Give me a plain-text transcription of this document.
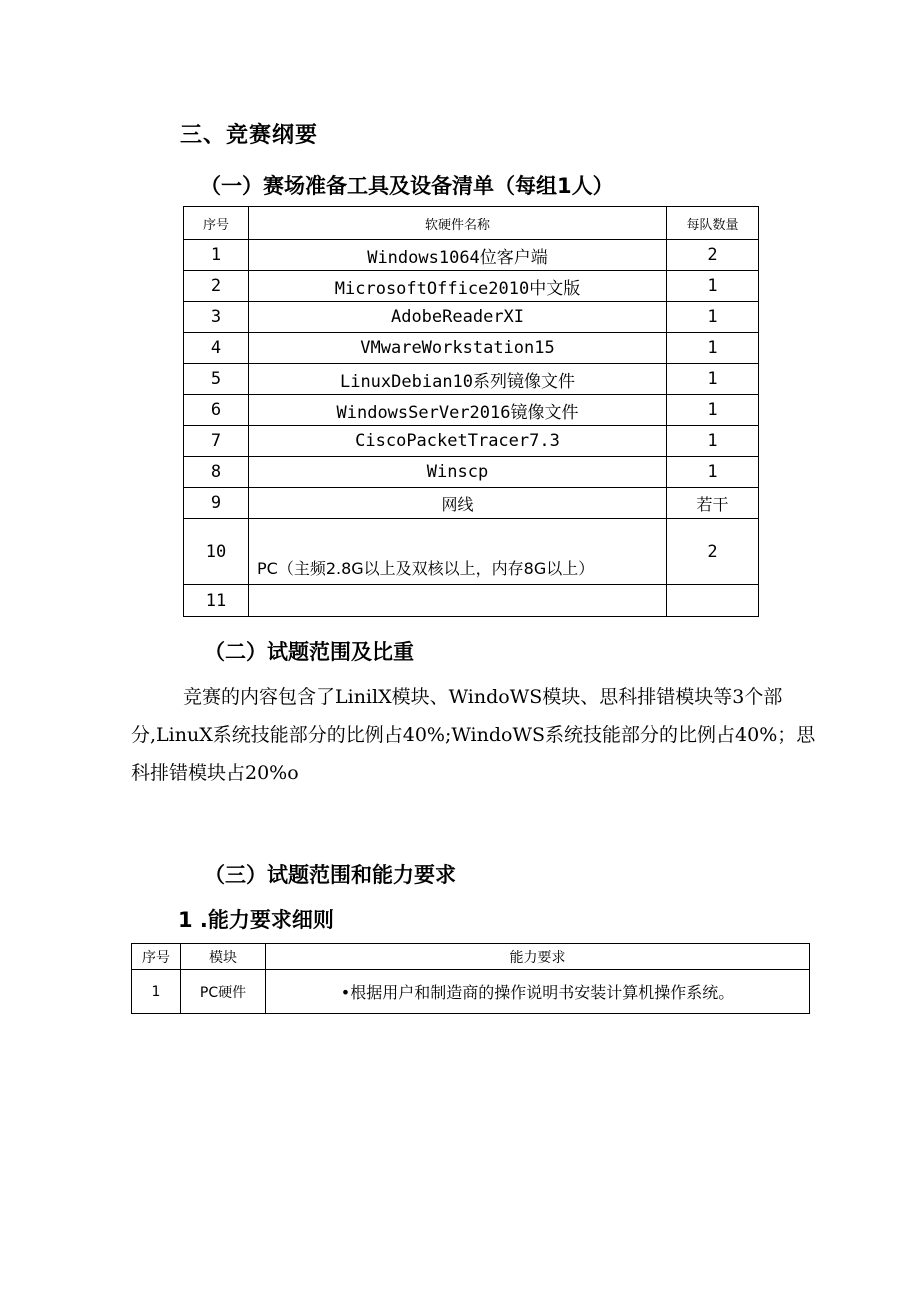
三、竞赛纲要
（一）赛场准备工具及设备清单（每组1人）
序号	软硬件名称	每队数量
1	Windows1064位客户端	2
2	MicrosoftOffice2010中文版	1
3	AdobeReaderXI	1
4	VMwareWorkstation15	1
5	LinuxDebian10系列镜像文件	1
6	WindowsSerVer2016镜像文件	1
7	CiscoPacketTracer7.3	1
8	Winscp	1
9	网线	若干
10	PC（主频2.8G以上及双核以上，内存8G以上）	2
11		
（二）试题范围及比重
竞赛的内容包含了LinilX模块、WindoWS模块、思科排错模块等3个部分,LinuX系统技能部分的比例占40%;WindoWS系统技能部分的比例占40%；思科排错模块占20%o
（三）试题范围和能力要求
1 .能力要求细则
序号	模块	能力要求
1	PC硬件	•根据用户和制造商的操作说明书安装计算机操作系统。
